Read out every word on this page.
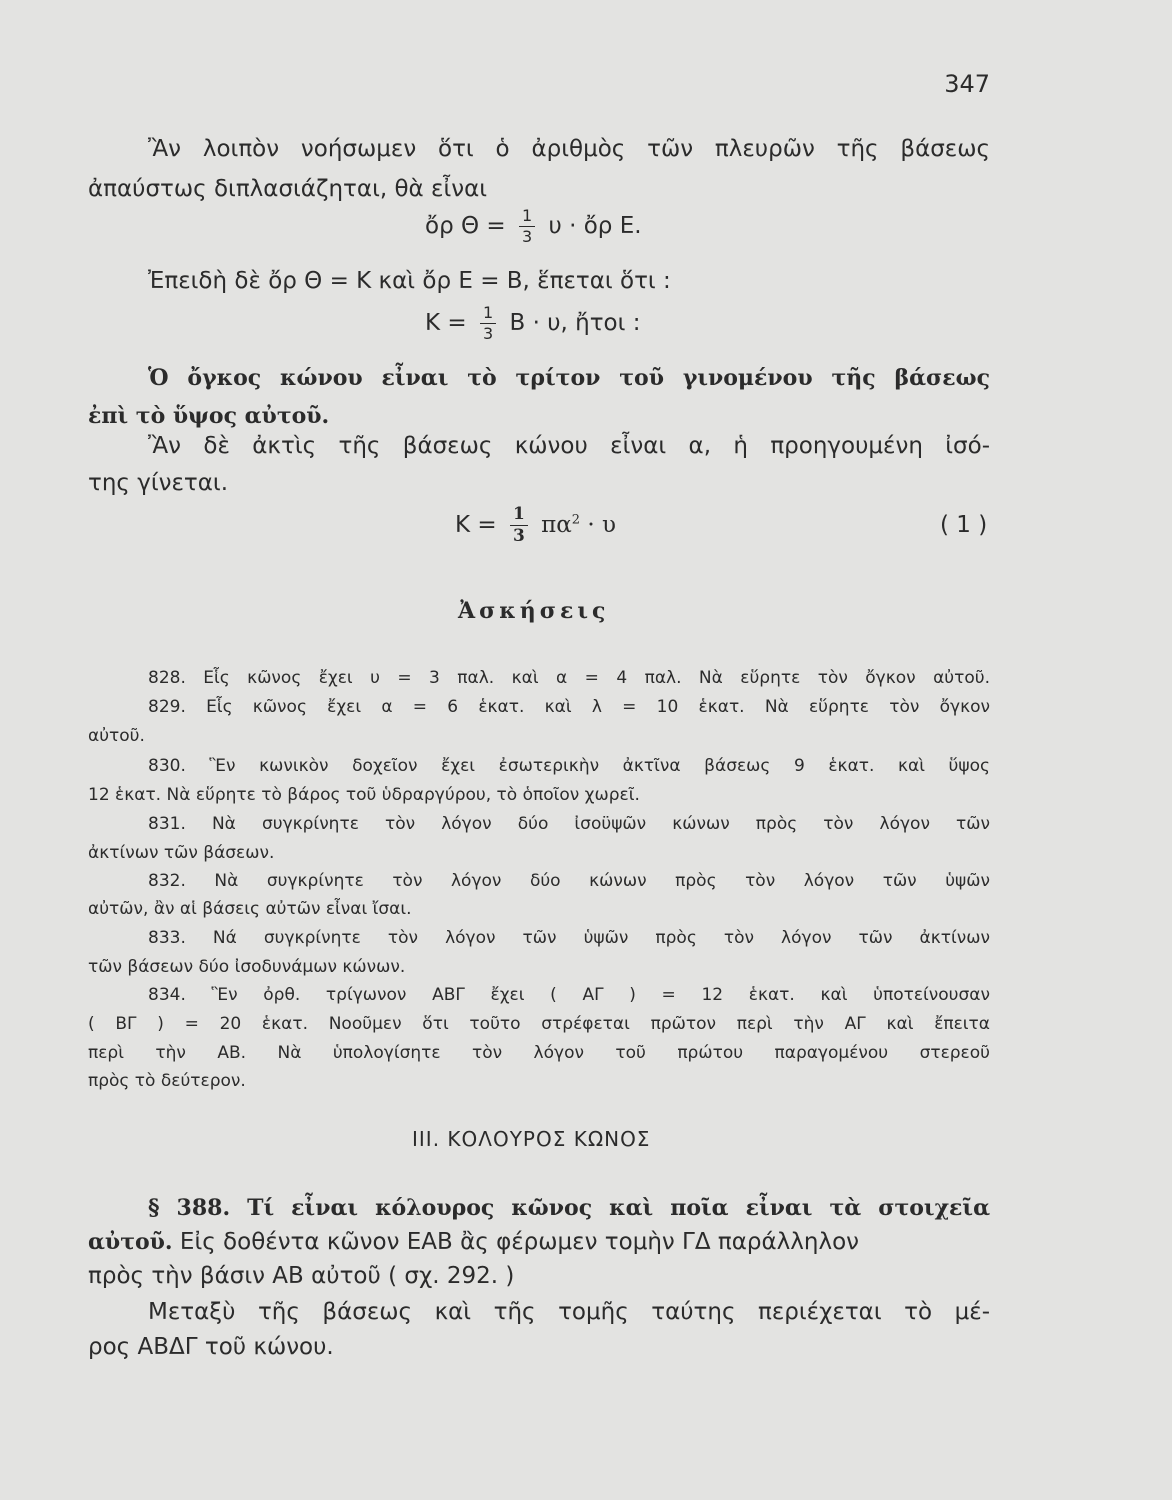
347
Ἂν λοιπὸν νοήσωμεν ὅτι ὁ ἀριθμὸς τῶν πλευρῶν τῆς βάσεως
ἀπαύστως διπλασιάζηται, θὰ εἶναι
ὄρ $\Theta = \frac{1}{3}$ υ · ὄρ Ε.
Ἐπειδὴ δὲ ὄρ Θ = Κ καὶ ὄρ Ε = Β, ἕπεται ὅτι :
$K = \frac{1}{3}$ Β · υ, ἤτοι :
Ὁ ὄγκος κώνου εἶναι τὸ τρίτον τοῦ γινομένου τῆς βάσεως
ἐπὶ τὸ ὕψος αὐτοῦ.
Ἂν δὲ ἀκτὶς τῆς βάσεως κώνου εἶναι α, ἡ προηγουμένη ἰσό-
της γίνεται.
$K = \frac{1}{3} \pi\alpha^2 \cdot \upsilon$	( 1 )
Ἀσκήσεις
828. Εἷς κῶνος ἔχει υ = 3 παλ. καὶ α = 4 παλ. Νὰ εὕρητε τὸν ὄγκον αὐτοῦ.
829. Εἷς κῶνος ἔχει α = 6 ἑκατ. καὶ λ = 10 ἑκατ. Νὰ εὕρητε τὸν ὄγκον
αὐτοῦ.
830. Ἓν κωνικὸν δοχεῖον ἔχει ἐσωτερικὴν ἀκτῖνα βάσεως 9 ἑκατ. καὶ ὕψος
12 ἑκατ. Νὰ εὕρητε τὸ βάρος τοῦ ὑδραργύρου, τὸ ὁποῖον χωρεῖ.
831. Νὰ συγκρίνητε τὸν λόγον δύο ἰσοϋψῶν κώνων πρὸς τὸν λόγον τῶν
ἀκτίνων τῶν βάσεων.
832. Νὰ συγκρίνητε τὸν λόγον δύο κώνων πρὸς τὸν λόγον τῶν ὑψῶν
αὐτῶν, ἂν αἱ βάσεις αὐτῶν εἶναι ἴσαι.
833. Νά συγκρίνητε τὸν λόγον τῶν ὑψῶν πρὸς τὸν λόγον τῶν ἀκτίνων
τῶν βάσεων δύο ἰσοδυνάμων κώνων.
834. Ἓν ὀρθ. τρίγωνον ΑΒΓ ἔχει ( ΑΓ ) = 12 ἑκατ. καὶ ὑποτείνουσαν
( ΒΓ ) = 20 ἑκατ. Νοοῦμεν ὅτι τοῦτο στρέφεται πρῶτον περὶ τὴν ΑΓ καὶ ἔπειτα
περὶ τὴν ΑΒ. Νὰ ὑπολογίσητε τὸν λόγον τοῦ πρώτου παραγομένου στερεοῦ
πρὸς τὸ δεύτερον.
ΙΙΙ. ΚΟΛΟΥΡΟΣ ΚΩΝΟΣ
§ 388. Τί εἶναι κόλουρος κῶνος καὶ ποῖα εἶναι τὰ στοιχεῖα
αὐτοῦ. Εἰς δοθέντα κῶνον ΕΑΒ ἂς φέρωμεν τομὴν ΓΔ παράλληλον
πρὸς τὴν βάσιν ΑΒ αὐτοῦ ( σχ. 292. )
Μεταξὺ τῆς βάσεως καὶ τῆς τομῆς ταύτης περιέχεται τὸ μέ-
ρος ΑΒΔΓ τοῦ κώνου.
